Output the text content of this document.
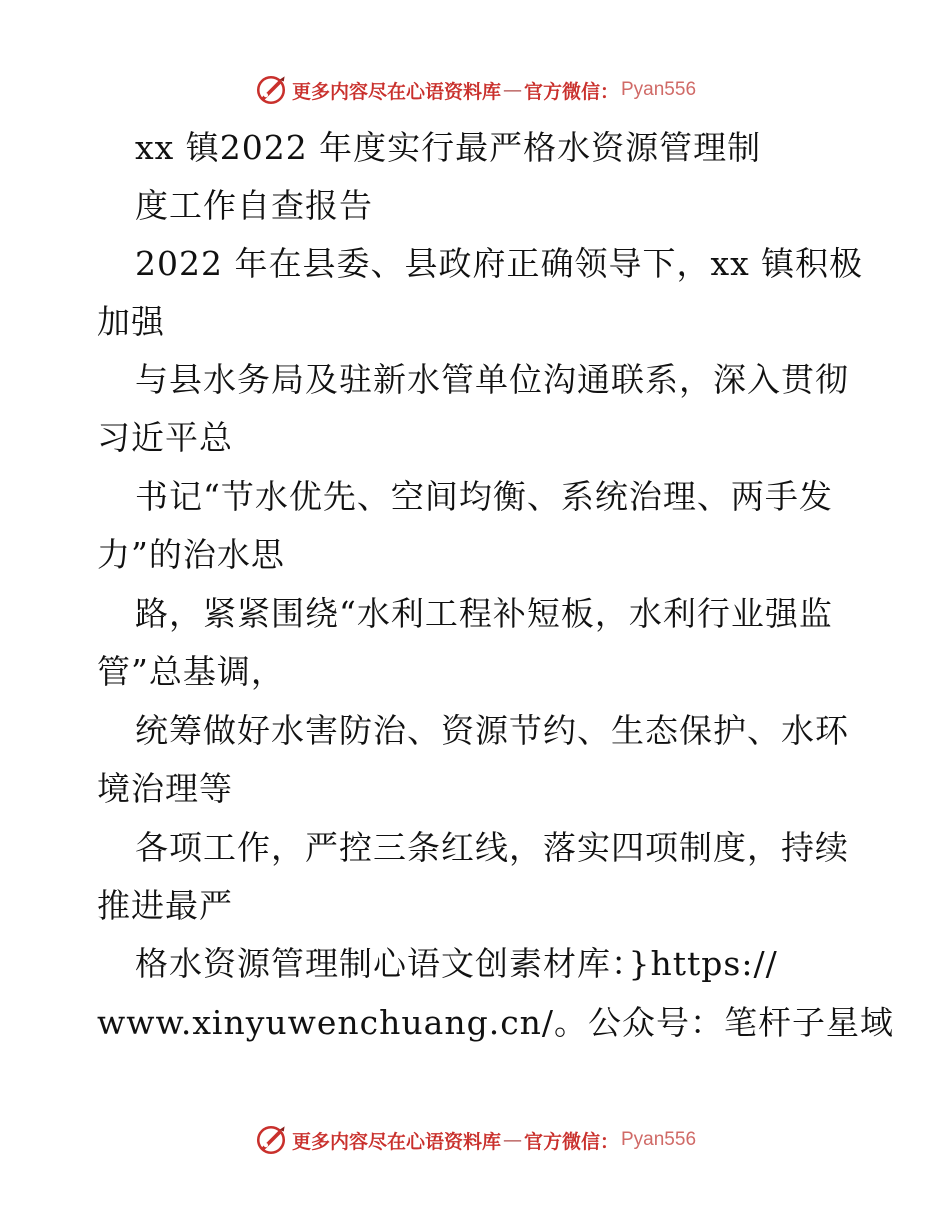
更多内容尽在心语资料库 — 官方微信： Pyan556
xx 镇2022 年度实行最严格水资源管理制
度工作自查报告
2022 年在县委、县政府正确领导下，xx 镇积极
加强
与县水务局及驻新水管单位沟通联系，深入贯彻
习近平总
书记“节水优先、空间均衡、系统治理、两手发
力”的治水思
路，紧紧围绕“水利工程补短板，水利行业强监
管”总基调，
统筹做好水害防治、资源节约、生态保护、水环
境治理等
各项工作，严控三条红线，落实四项制度，持续
推进最严
格水资源管理制心语文创素材库：}https://
www.xinyuwenchuang.cn/。公众号：笔杆子星域
更多内容尽在心语资料库 — 官方微信： Pyan556
